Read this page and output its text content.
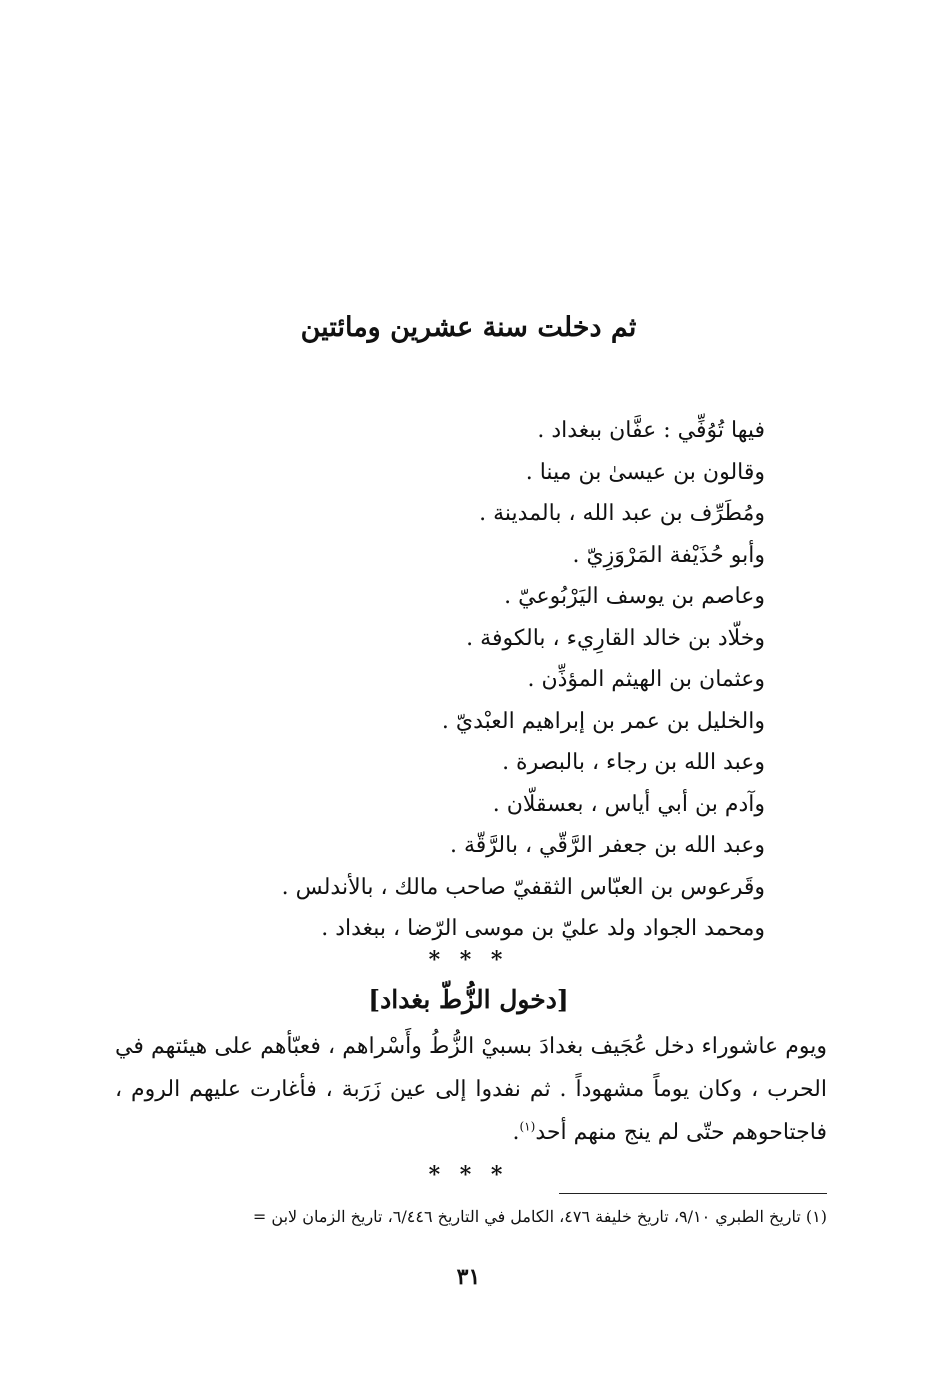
ثم دخلت سنة عشرين ومائتين
فيها تُوُفِّي : عفَّان ببغداد .
وقالون بن عيسىٰ بن مينا .
ومُطَرِّف بن عبد الله ، بالمدينة .
وأبو حُذَيْفة المَرْوَزِيّ .
وعاصم بن يوسف اليَرْبُوعيّ .
وخلّاد بن خالد القارِيء ، بالكوفة .
وعثمان بن الهيثم المؤذِّن .
والخليل بن عمر بن إبراهيم العبْديّ .
وعبد الله بن رجاء ، بالبصرة .
وآدم بن أبي أياس ، بعسقلّان .
وعبد الله بن جعفر الرَّقّي ، بالرَّقّة .
وقَرعوس بن العبّاس الثقفيّ صاحب مالك ، بالأندلس .
ومحمد الجواد ولد عليّ بن موسى الرّضا ، ببغداد .

* * *

[دخول الزُّطّ بغداد]

ويوم عاشوراء دخل عُجَيف بغدادَ بسبيْ الزُّطُ وأَسْراهم ، فعبّأهم على هيئتهم في الحرب ، وكان يوماً مشهوداً . ثم نفدوا إلى عين زَرَبة ، فأغارت عليهم الروم ، فاجتاحوهم حتّى لم ينج منهم أحد$^{(١)}$.

* * *

(١) تاريخ الطبري ٩/١٠، تاريخ خليفة ٤٧٦، الكامل في التاريخ ٦/٤٤٦، تاريخ الزمان لابن =

٣١
